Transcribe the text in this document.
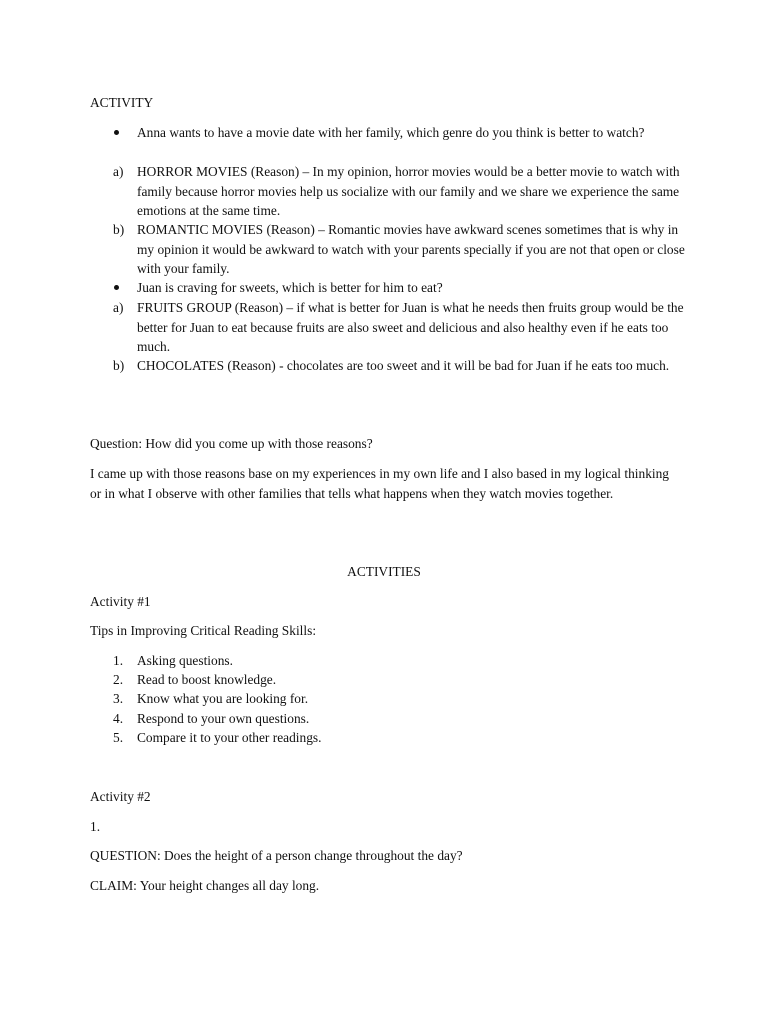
ACTIVITY
Anna wants to have a movie date with her family, which genre do you think is better to watch?
a) HORROR MOVIES (Reason) – In my opinion, horror movies would be a better movie to watch with family because horror movies help us socialize with our family and we share we experience the same emotions at the same time.
b) ROMANTIC MOVIES (Reason) – Romantic movies have awkward scenes sometimes that is why in my opinion it would be awkward to watch with your parents specially if you are not that open or close with your family.
Juan is craving for sweets, which is better for him to eat?
a) FRUITS GROUP (Reason) – if what is better for Juan is what he needs then fruits group would be the better for Juan to eat because fruits are also sweet and delicious and also healthy even if he eats too much.
b) CHOCOLATES (Reason) - chocolates are too sweet and it will be bad for Juan if he eats too much.
Question: How did you come up with those reasons?
I came up with those reasons base on my experiences in my own life and I also based in my logical thinking or in what I observe with other families that tells what happens when they watch movies together.
ACTIVITIES
Activity #1
Tips in Improving Critical Reading Skills:
1. Asking questions.
2. Read to boost knowledge.
3. Know what you are looking for.
4. Respond to your own questions.
5. Compare it to your other readings.
Activity #2
1.
QUESTION: Does the height of a person change throughout the day?
CLAIM: Your height changes all day long.
